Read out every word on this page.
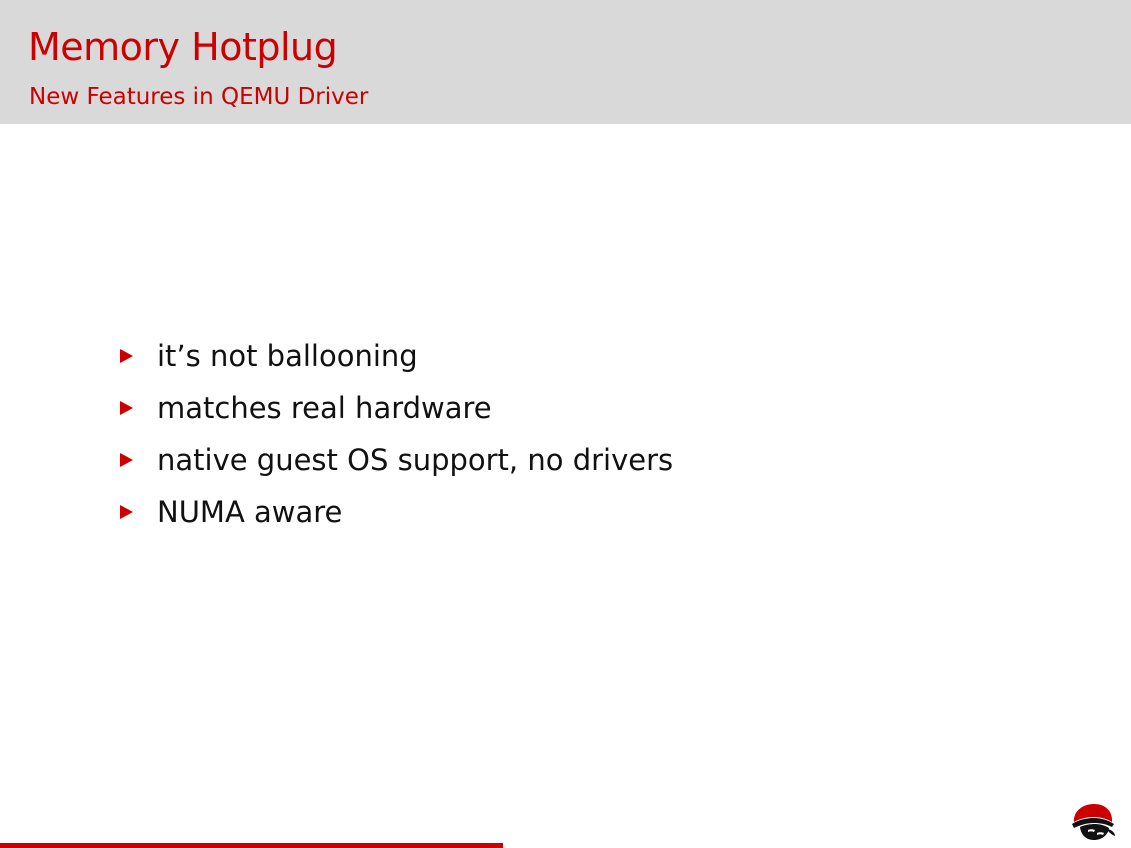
Memory Hotplug
New Features in QEMU Driver
it’s not ballooning
matches real hardware
native guest OS support, no drivers
NUMA aware
